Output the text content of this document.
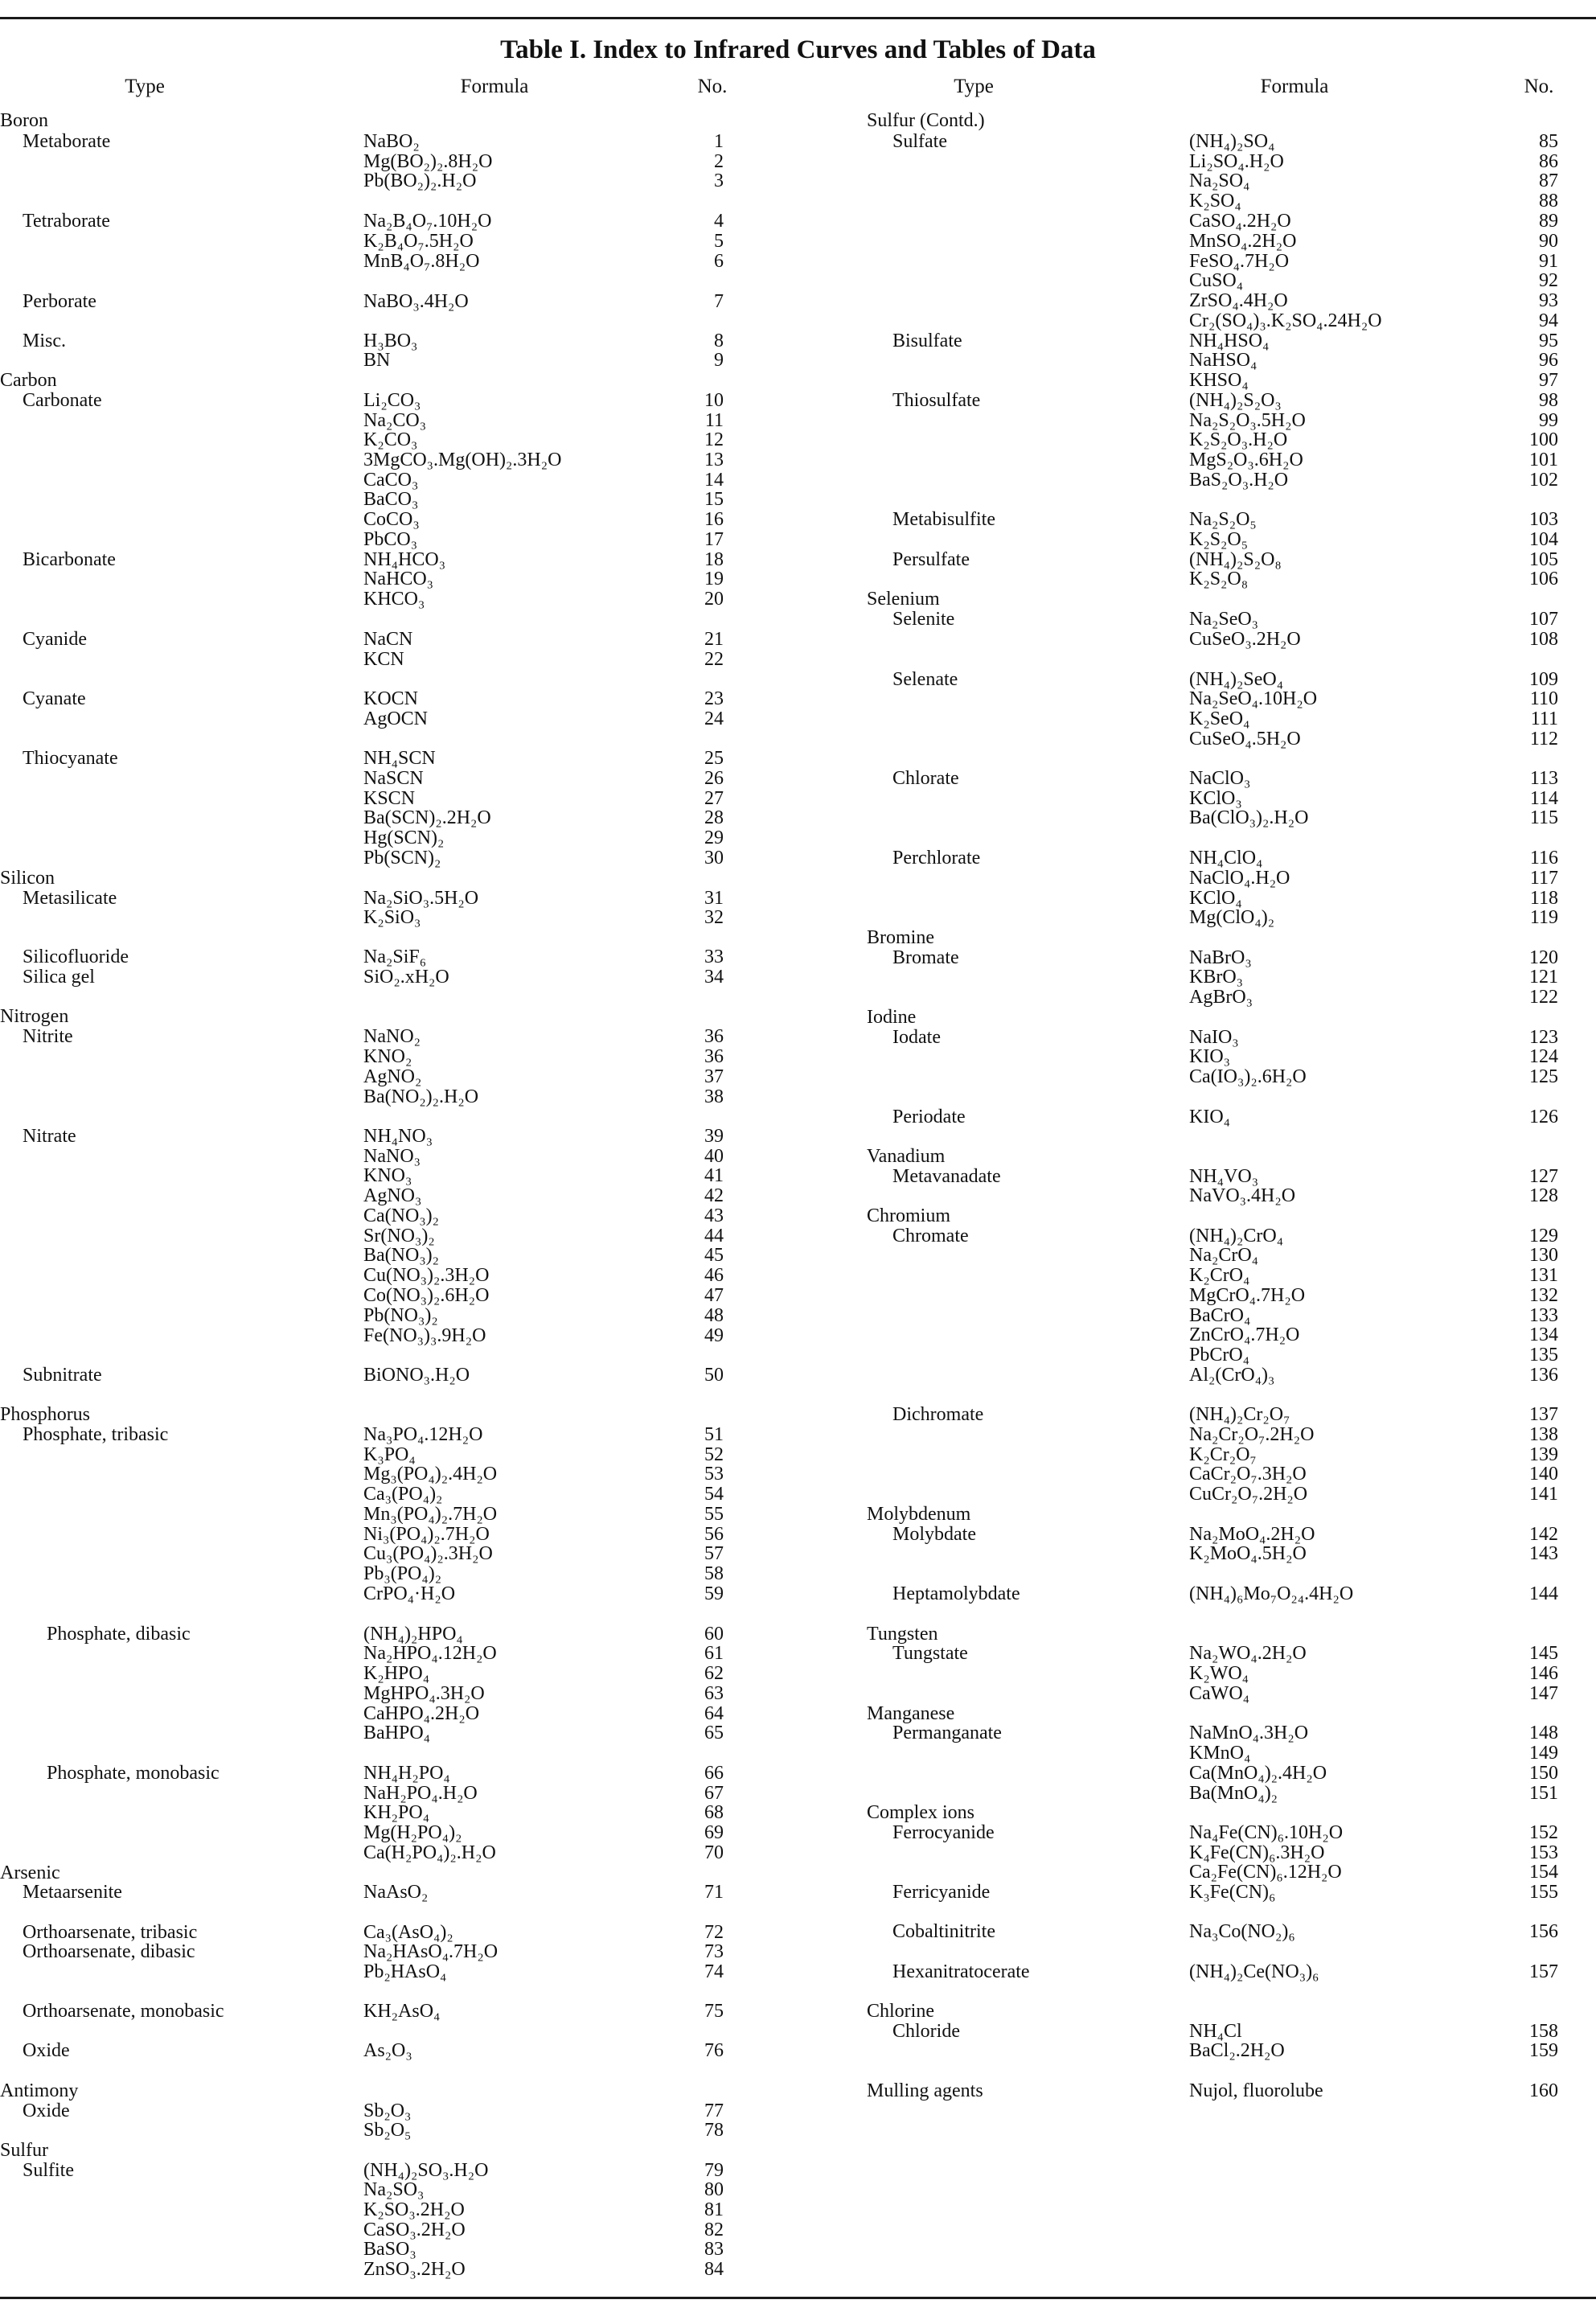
Table I. Index to Infrared Curves and Tables of Data
Type	Formula	No.	Type	Formula	No.
Boron
Metaborate	NaBO₂	1
Mg(BO₂)₂.8H₂O	2
Pb(BO₂)₂.H₂O	3
Tetraborate	Na₂B₄O₇.10H₂O	4
K₂B₄O₇.5H₂O	5
MnB₄O₇.8H₂O	6
Perborate	NaBO₃.4H₂O	7
Misc.	H₃BO₃	8
BN	9
Carbon
Carbonate	Li₂CO₃	10
Na₂CO₃	11
K₂CO₃	12
3MgCO₃.Mg(OH)₂.3H₂O	13
CaCO₃	14
BaCO₃	15
CoCO₃	16
PbCO₃	17
Bicarbonate	NH₄HCO₃	18
NaHCO₃	19
KHCO₃	20
Cyanide	NaCN	21
KCN	22
Cyanate	KOCN	23
AgOCN	24
Thiocyanate	NH₄SCN	25
NaSCN	26
KSCN	27
Ba(SCN)₂.2H₂O	28
Hg(SCN)₂	29
Pb(SCN)₂	30
Silicon
Metasilicate	Na₂SiO₃.5H₂O	31
K₂SiO₃	32
Silicofluoride	Na₂SiF₆	33
Silica gel	SiO₂.xH₂O	34
Nitrogen
Nitrite	NaNO₂	36
KNO₂	36
AgNO₂	37
Ba(NO₂)₂.H₂O	38
Nitrate	NH₄NO₃	39
NaNO₃	40
KNO₃	41
AgNO₃	42
Ca(NO₃)₂	43
Sr(NO₃)₂	44
Ba(NO₃)₂	45
Cu(NO₃)₂.3H₂O	46
Co(NO₃)₂.6H₂O	47
Pb(NO₃)₂	48
Fe(NO₃)₃.9H₂O	49
Subnitrate	BiONO₃.H₂O	50
Phosphorus
Phosphate, tribasic	Na₃PO₄.12H₂O	51
K₃PO₄	52
Mg₃(PO₄)₂.4H₂O	53
Ca₃(PO₄)₂	54
Mn₃(PO₄)₂.7H₂O	55
Ni₃(PO₄)₂.7H₂O	56
Cu₃(PO₄)₂.3H₂O	57
Pb₃(PO₄)₂	58
CrPO₄·H₂O	59
Phosphate, dibasic	(NH₄)₂HPO₄	60
Na₂HPO₄.12H₂O	61
K₂HPO₄	62
MgHPO₄.3H₂O	63
CaHPO₄.2H₂O	64
BaHPO₄	65
Phosphate, monobasic	NH₄H₂PO₄	66
NaH₂PO₄.H₂O	67
KH₂PO₄	68
Mg(H₂PO₄)₂	69
Ca(H₂PO₄)₂.H₂O	70
Arsenic
Metaarsenite	NaAsO₂	71
Orthoarsenate, tribasic	Ca₃(AsO₄)₂	72
Orthoarsenate, dibasic	Na₂HAsO₄.7H₂O	73
Pb₂HAsO₄	74
Orthoarsenate, monobasic	KH₂AsO₄	75
Oxide	As₂O₃	76
Antimony
Oxide	Sb₂O₃	77
Sb₂O₅	78
Sulfur
Sulfite	(NH₄)₂SO₃.H₂O	79
Na₂SO₃	80
K₂SO₃.2H₂O	81
CaSO₃.2H₂O	82
BaSO₃	83
ZnSO₃.2H₂O	84
Sulfur (Contd.)
Sulfate	(NH₄)₂SO₄	85
Li₂SO₄.H₂O	86
Na₂SO₄	87
K₂SO₄	88
CaSO₄.2H₂O	89
MnSO₄.2H₂O	90
FeSO₄.7H₂O	91
CuSO₄	92
ZrSO₄.4H₂O	93
Cr₂(SO₄)₃.K₂SO₄.24H₂O	94
Bisulfate	NH₄HSO₄	95
NaHSO₄	96
KHSO₄	97
Thiosulfate	(NH₄)₂S₂O₃	98
Na₂S₂O₃.5H₂O	99
K₂S₂O₃.H₂O	100
MgS₂O₃.6H₂O	101
BaS₂O₃.H₂O	102
Metabisulfite	Na₂S₂O₅	103
K₂S₂O₅	104
Persulfate	(NH₄)₂S₂O₈	105
K₂S₂O₈	106
Selenium
Selenite	Na₂SeO₃	107
CuSeO₃.2H₂O	108
Selenate	(NH₄)₂SeO₄	109
Na₂SeO₄.10H₂O	110
K₂SeO₄	111
CuSeO₄.5H₂O	112
Chlorate	NaClO₃	113
KClO₃	114
Ba(ClO₃)₂.H₂O	115
Perchlorate	NH₄ClO₄	116
NaClO₄.H₂O	117
KClO₄	118
Mg(ClO₄)₂	119
Bromine
Bromate	NaBrO₃	120
KBrO₃	121
AgBrO₃	122
Iodine
Iodate	NaIO₃	123
KIO₃	124
Ca(IO₃)₂.6H₂O	125
Periodate	KIO₄	126
Vanadium
Metavanadate	NH₄VO₃	127
NaVO₃.4H₂O	128
Chromium
Chromate	(NH₄)₂CrO₄	129
Na₂CrO₄	130
K₂CrO₄	131
MgCrO₄.7H₂O	132
BaCrO₄	133
ZnCrO₄.7H₂O	134
PbCrO₄	135
Al₂(CrO₄)₃	136
Dichromate	(NH₄)₂Cr₂O₇	137
Na₂Cr₂O₇.2H₂O	138
K₂Cr₂O₇	139
CaCr₂O₇.3H₂O	140
CuCr₂O₇.2H₂O	141
Molybdenum
Molybdate	Na₂MoO₄.2H₂O	142
K₂MoO₄.5H₂O	143
Heptamolybdate	(NH₄)₆Mo₇O₂₄.4H₂O	144
Tungsten
Tungstate	Na₂WO₄.2H₂O	145
K₂WO₄	146
CaWO₄	147
Manganese
Permanganate	NaMnO₄.3H₂O	148
KMnO₄	149
Ca(MnO₄)₂.4H₂O	150
Ba(MnO₄)₂	151
Complex ions
Ferrocyanide	Na₄Fe(CN)₆.10H₂O	152
K₄Fe(CN)₆.3H₂O	153
Ca₂Fe(CN)₆.12H₂O	154
Ferricyanide	K₃Fe(CN)₆	155
Cobaltinitrite	Na₃Co(NO₂)₆	156
Hexanitratocerate	(NH₄)₂Ce(NO₃)₆	157
Chlorine
Chloride	NH₄Cl	158
BaCl₂.2H₂O	159
Mulling agents	Nujol, fluorolube	160
